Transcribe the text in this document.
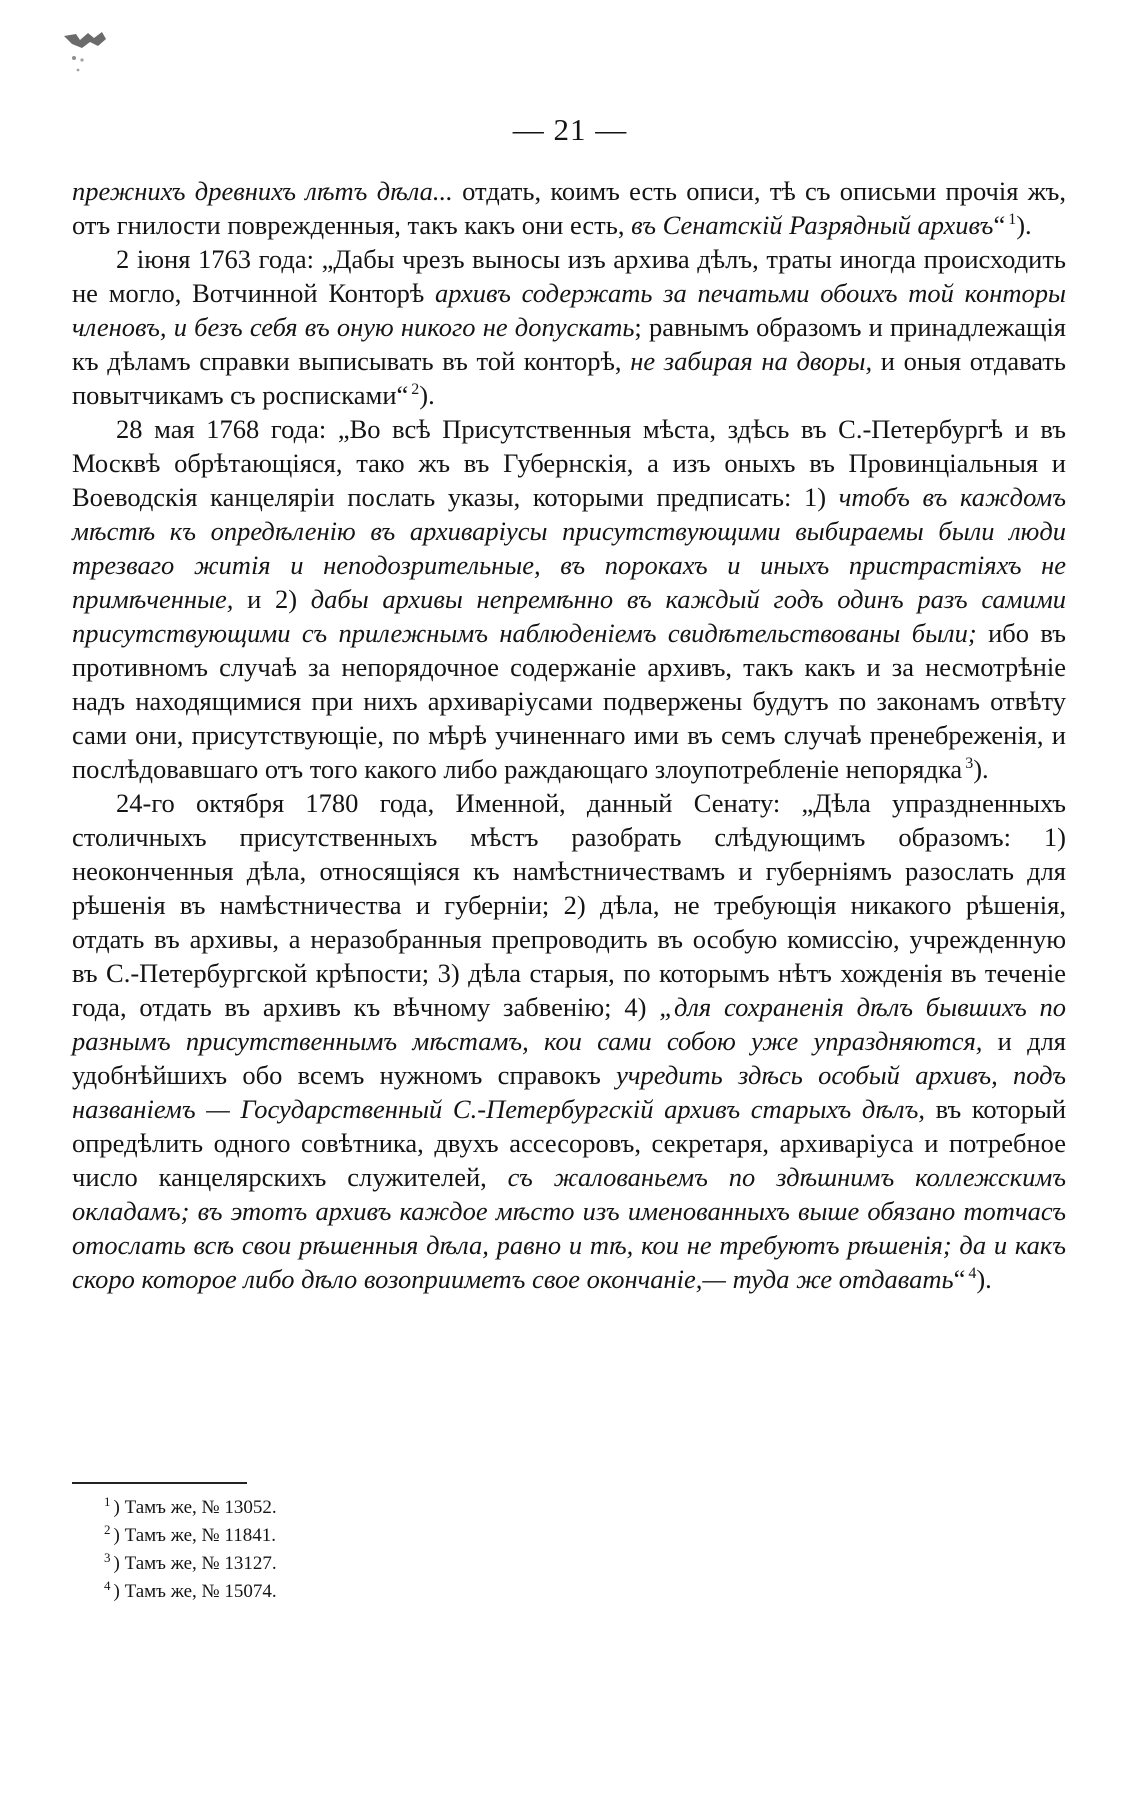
— 21 —

прежнихъ древнихъ лѣтъ дѣла... отдать, коимъ есть описи, тѣ съ описьми прочія жъ, отъ гнилости поврежденныя, такъ какъ они есть, въ Сенатскій Разрядный архивъ“ $^1$).

2 іюня 1763 года: „Дабы чрезъ выносы изъ архива дѣлъ, траты иногда происходить не могло, Вотчинной Конторѣ архивъ содержать за печатьми обоихъ той конторы членовъ, и безъ себя въ оную никого не допускать; равнымъ образомъ и принадлежащія къ дѣламъ справки выписывать въ той конторѣ, не забирая на дворы, и оныя отдавать повытчикамъ съ росписками“ $^2$).

28 мая 1768 года: „Во всѣ Присутственныя мѣста, здѣсь въ С.-Петербургѣ и въ Москвѣ обрѣтающіяся, тако жъ въ Губернскія, а изъ оныхъ въ Провинціальныя и Воеводскія канцеляріи послать указы, которыми предписать: 1) чтобъ въ каждомъ мѣстѣ къ опредѣленію въ архиваріусы присутствующими выбираемы были люди трезваго житія и неподозрительные, въ порокахъ и иныхъ пристрастіяхъ не примѣченные, и 2) дабы архивы непремѣнно въ каждый годъ одинъ разъ самими присутствующими съ прилежнымъ наблюденіемъ свидѣтельствованы были; ибо въ противномъ случаѣ за непорядочное содержаніе архивъ, такъ какъ и за несмотрѣніе надъ находящимися при нихъ архиваріусами подвержены будутъ по законамъ отвѣту сами они, присутствующіе, по мѣрѣ учиненнаго ими въ семъ случаѣ пренебреженія, и послѣдовавшаго отъ того какого либо раждающаго злоупотребленіе непорядка $^3$).

24-го октября 1780 года, Именной, данный Сенату: „Дѣла упраздненныхъ столичныхъ присутственныхъ мѣстъ разобрать слѣдующимъ образомъ: 1) неоконченныя дѣла, относящіяся къ намѣстничествамъ и губерніямъ разослать для рѣшенія въ намѣстничества и губерніи; 2) дѣла, не требующія никакого рѣшенія, отдать въ архивы, а неразобранныя препроводить въ особую комиссію, учрежденную въ С.-Петербургской крѣпости; 3) дѣла старыя, по которымъ нѣтъ хожденія въ теченіе года, отдать въ архивъ къ вѣчному забвенію; 4) „для сохраненія дѣлъ бывшихъ по разнымъ присутственнымъ мѣстамъ, кои сами собою уже упраздняются, и для удобнѣйшихъ обо всемъ нужномъ справокъ учредить здѣсь особый архивъ, подъ названіемъ — Государственный С.-Петербургскій архивъ старыхъ дѣлъ, въ который опредѣлить одного совѣтника, двухъ ассесоровъ, секретаря, архиваріуса и потребное число канцелярскихъ служителей, съ жалованьемъ по здѣшнимъ коллежскимъ окладамъ; въ этотъ архивъ каждое мѣсто изъ именованныхъ выше обязано тотчасъ отослать всѣ свои рѣшенныя дѣла, равно и тѣ, кои не требуютъ рѣшенія; да и какъ скоро которое либо дѣло возоприиметъ свое окончаніе,— туда же отдавать“ $^4$).

$^1$ ) Тамъ же, № 13052.

$^2$ ) Тамъ же, № 11841.

$^3$ ) Тамъ же, № 13127.

$^4$ ) Тамъ же, № 15074.
